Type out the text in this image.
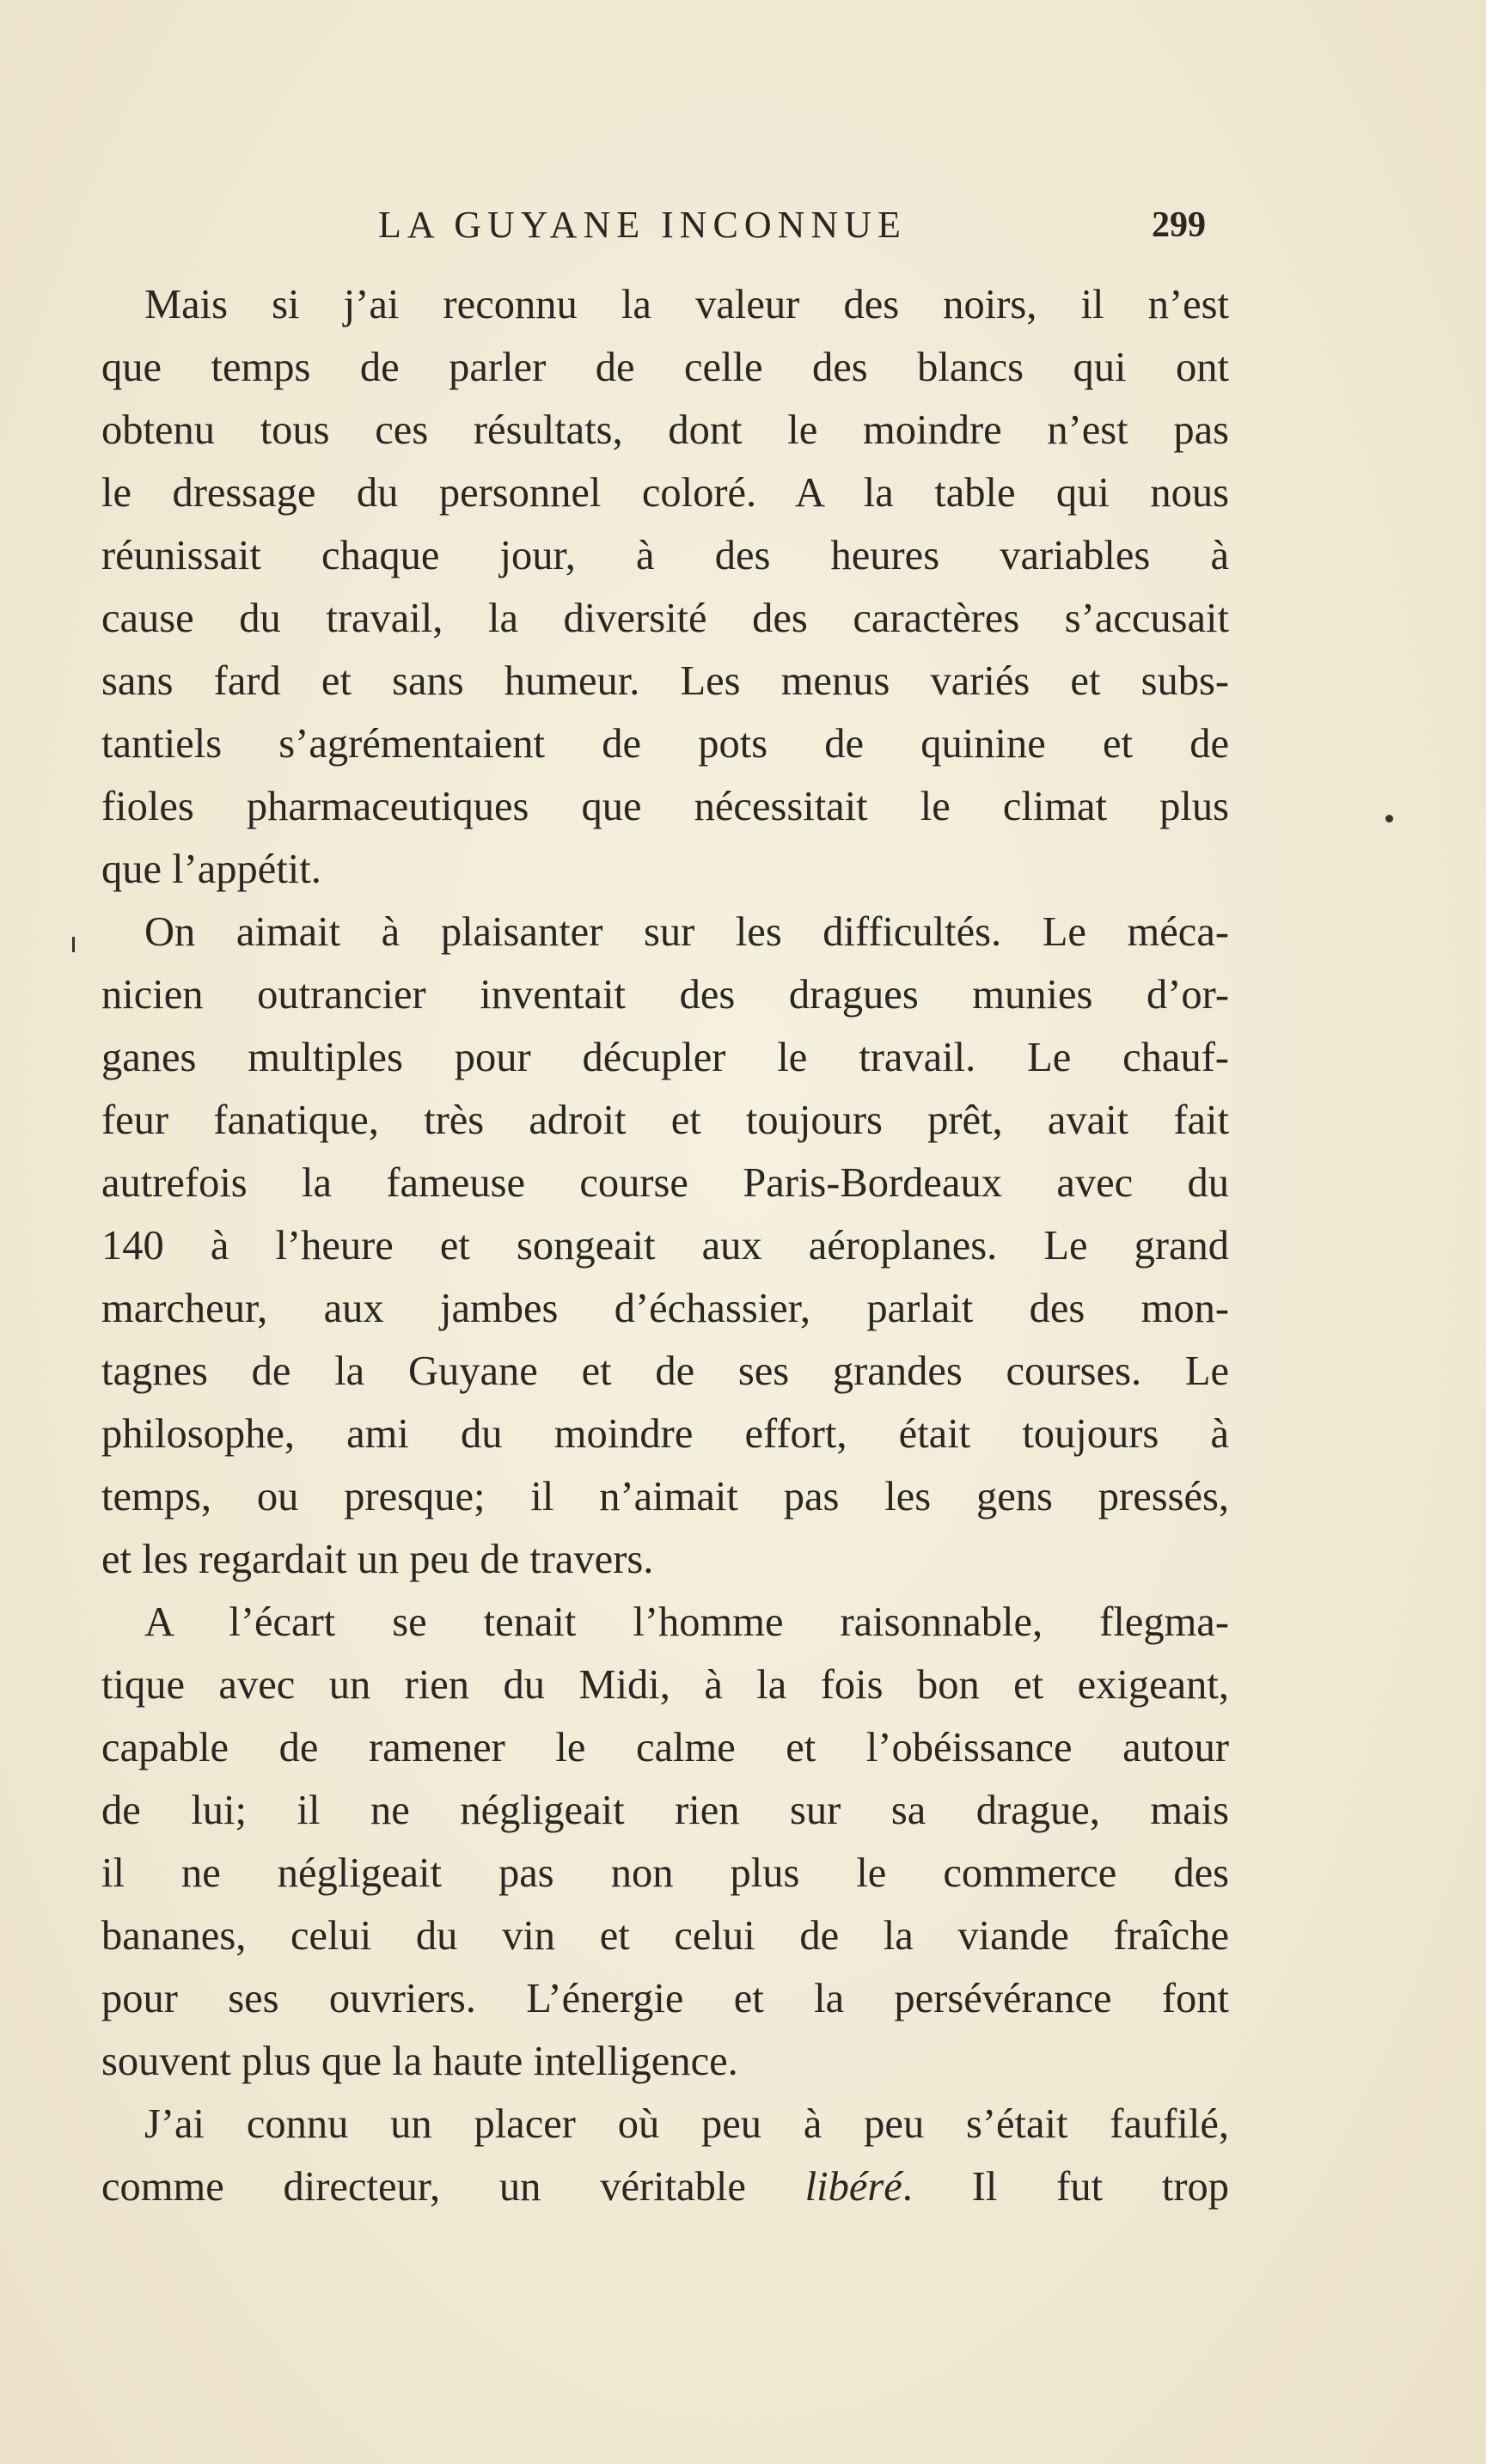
LA GUYANE INCONNUE	299
Mais si j’ai reconnu la valeur des noirs, il n’est
que temps de parler de celle des blancs qui ont
obtenu tous ces résultats, dont le moindre n’est pas
le dressage du personnel coloré. A la table qui nous
réunissait chaque jour, à des heures variables à
cause du travail, la diversité des caractères s’accusait
sans fard et sans humeur. Les menus variés et subs-
tantiels s’agrémentaient de pots de quinine et de
fioles pharmaceutiques que nécessitait le climat plus
que l’appétit.
On aimait à plaisanter sur les difficultés. Le méca-
nicien outrancier inventait des dragues munies d’or-
ganes multiples pour décupler le travail. Le chauf-
feur fanatique, très adroit et toujours prêt, avait fait
autrefois la fameuse course Paris-Bordeaux avec du
140 à l’heure et songeait aux aéroplanes. Le grand
marcheur, aux jambes d’échassier, parlait des mon-
tagnes de la Guyane et de ses grandes courses. Le
philosophe, ami du moindre effort, était toujours à
temps, ou presque; il n’aimait pas les gens pressés,
et les regardait un peu de travers.
A l’écart se tenait l’homme raisonnable, flegma-
tique avec un rien du Midi, à la fois bon et exigeant,
capable de ramener le calme et l’obéissance autour
de lui; il ne négligeait rien sur sa drague, mais
il ne négligeait pas non plus le commerce des
bananes, celui du vin et celui de la viande fraîche
pour ses ouvriers. L’énergie et la persévérance font
souvent plus que la haute intelligence.
J’ai connu un placer où peu à peu s’était faufilé,
comme directeur, un véritable libéré. Il fut trop
